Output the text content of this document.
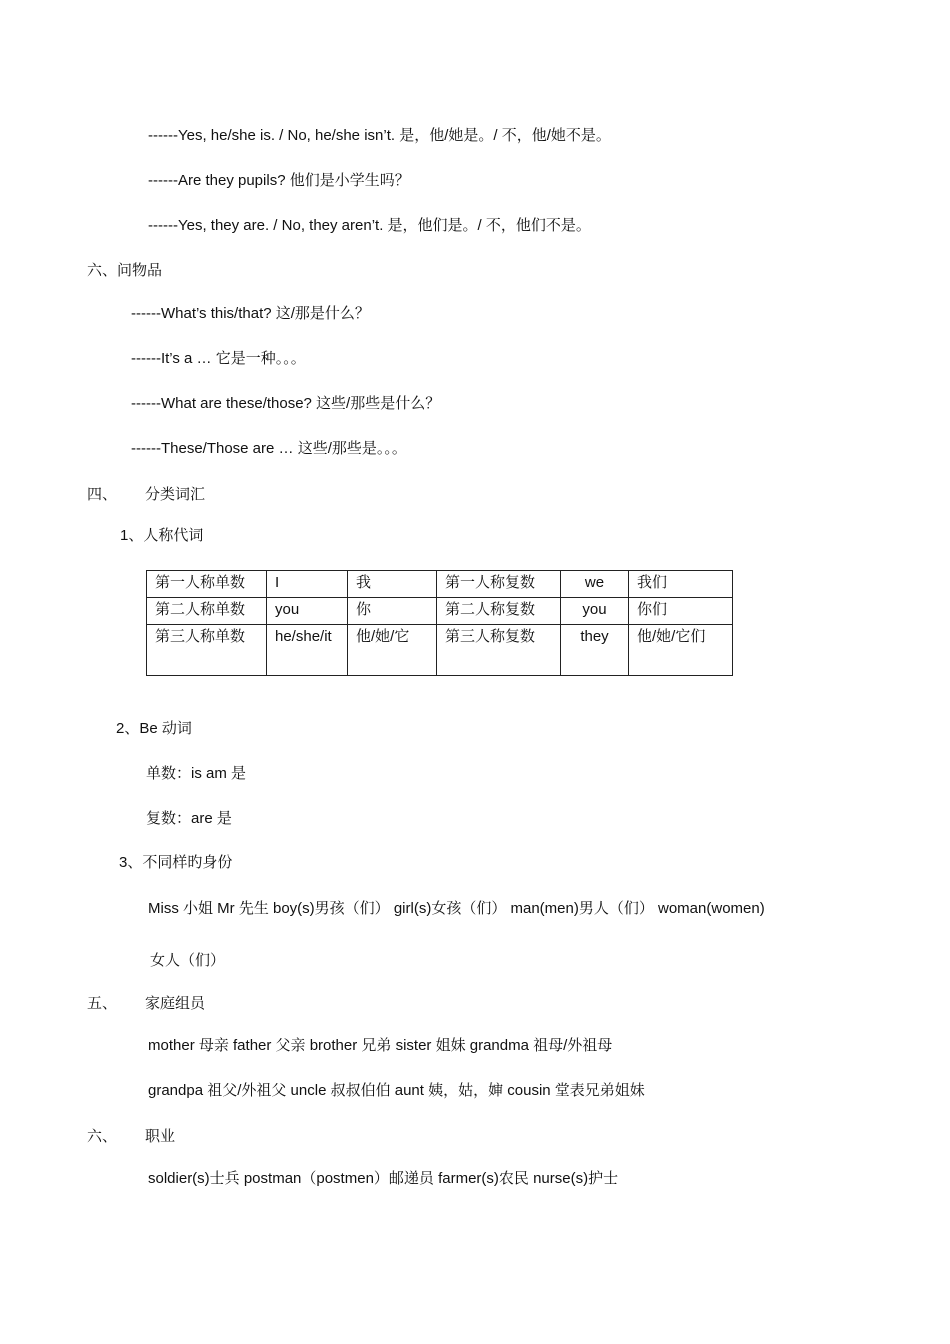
------Yes, he/she is. / No, he/she isn’t. 是，他/她是。/ 不，他/她不是。
------Are they pupils? 他们是小学生吗？
------Yes, they are. / No, they aren’t. 是，他们是。/ 不，他们不是。
六、问物品
------What’s this/that? 这/那是什么？
------It’s a … 它是一种。。。
------What are these/those? 这些/那些是什么？
------These/Those are … 这些/那些是。。。
四、 分类词汇
1、人称代词
第一人称单数	I	我	第一人称复数	we	我们
第二人称单数	you	你	第二人称复数	you	你们
第三人称单数	he/she/it	他/她/它	第三人称复数	they	他/她/它们
2、Be 动词
单数：is am 是
复数：are 是
3、不同样旳身份
Miss 小姐 Mr 先生 boy(s)男孩（们） girl(s)女孩（们） man(men)男人（们） woman(women)
女人（们）
五、 家庭组员
mother 母亲 father 父亲 brother 兄弟 sister 姐妹 grandma 祖母/外祖母
grandpa 祖父/外祖父 uncle 叔叔伯伯 aunt 姨，姑，婶 cousin 堂表兄弟姐妹
六、 职业
soldier(s)士兵 postman（postmen）邮递员 farmer(s)农民 nurse(s)护士
